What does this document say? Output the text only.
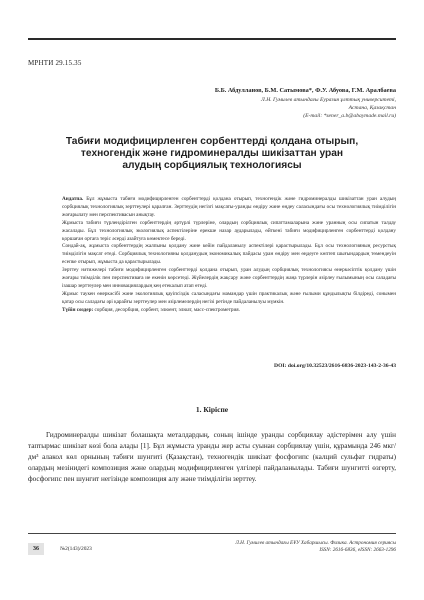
МРНТИ 29.15.35
Б.Б. Абдулланов, Б.М. Сатымова*, Ф.У. Абуова, Г.М. Аралбаева
Л.Н. Гумилев атындағы Еуразия ұлттық университеті,
Астана, Қазақстан
(E-mail: *sener_a.b@abaymade.mail.ru)
Табиғи модифицирленген сорбенттерді қолдана отырып,
техногендік және гидроминералды шикізаттан уран
алудың сорбциялық технологиясы

Андатпа. Бұл жұмыста табиғи модифицирленген сорбенттерді қолдана отырып, техногендік және гидроминералды шикізаттан уран алудың сорбциялық технологиялық зерттеулері қаралған. Зерттеудің негізгі мақсаты-уранды өндіру және өңдеу саласындағы осы технологиялық тиімділігін жоғарылату мен перспективасын анықтау.

Жұмыста табиғи түрлендірілген сорбенттердің әртүрлі түрлеріне, олардың сорбциялық сипаттамаларына және уранның осы сипатын талдау жасалады. Бұл технологиялық экологиялық аспектілеріне ерекше назар аударылады, өйткені табиғи модифицирленген сорбенттерді қолдану қоршаған ортаға теріс әсерді азайтуға көмектесе береді.

Сондай-ақ, жұмыста сорбенттердің жалпыны қолдану және кейін пайдаланылу аспектілері қарастырылады. Бұл осы технологияның ресурстық тиімділігін мақсат етеді. Сорбциялық технологияны қолданудың экономикалық пайдасы уран өндіру мен өңдеуге көптеп шығындардың төмендеуін есепке отырып, жұмыста да қарастырылады.

Зерттеу нәтижелері табиғи модифицирленген сорбенттерді қолдана отырып, уран алудың сорбциялық технологиясы өнеркәсіптік қолдану үшін жоғары тиімділік пен перспективаға ие екенін көрсетеді. Жүйелердің жақсару және сорбенттердің жаңа түрлерін әзірлеу ғылымының осы саладағы ізашар зерттеулер мен инновациялардың кең етекалып атап өтеді.

Жұмыс таукен өнеркәсібі және экологиялық қауіпсіздік саласындағы мамандар үшін практикалық және ғылыми құндылықты білдіреді, сонымен қатар осы саладағы әрі қарайғы зерттеулер мен әзірлемелердің негізі ретінде пайдаланылуы мүмкін.

Түйін сөздер: сорбция, десорбция, сорбент, элюент, элюат, масс-спектрометрия.

DOI: doi.org/10.32523/2616-6836-2023-143-2-36-43
1. Кіріспе

Гидроминералды шикізат болашақта металдардың, соның ішінде уранды сорбциялау әдістерімен алу үшін таптырмас шикізат көзі бола алады [1]. Бұл жұмыста уранды жер асты суынан сорбциялау үшін, құрамында 246 мкг/дм³ алакол көл орнының табиғи шунгиті (Қазақстан), техногендік шикізат фосфогипс (калций сульфат гидраты) олардың мезінидегі композиция және олардың модифицирленген үлгілері пайдаланылады. Табиғи шунгитті өзгерту, фосфогипс пен шунгит негізінде композиция алу және тиімділігін зерттеу.

36	№2(143)/2023
Л.Н. Гумилев атындағы ЕҰУ Хабаршысы. Физика. Астрономия сериясы
ISSN: 2616-6836, eISSN: 2663-1296
